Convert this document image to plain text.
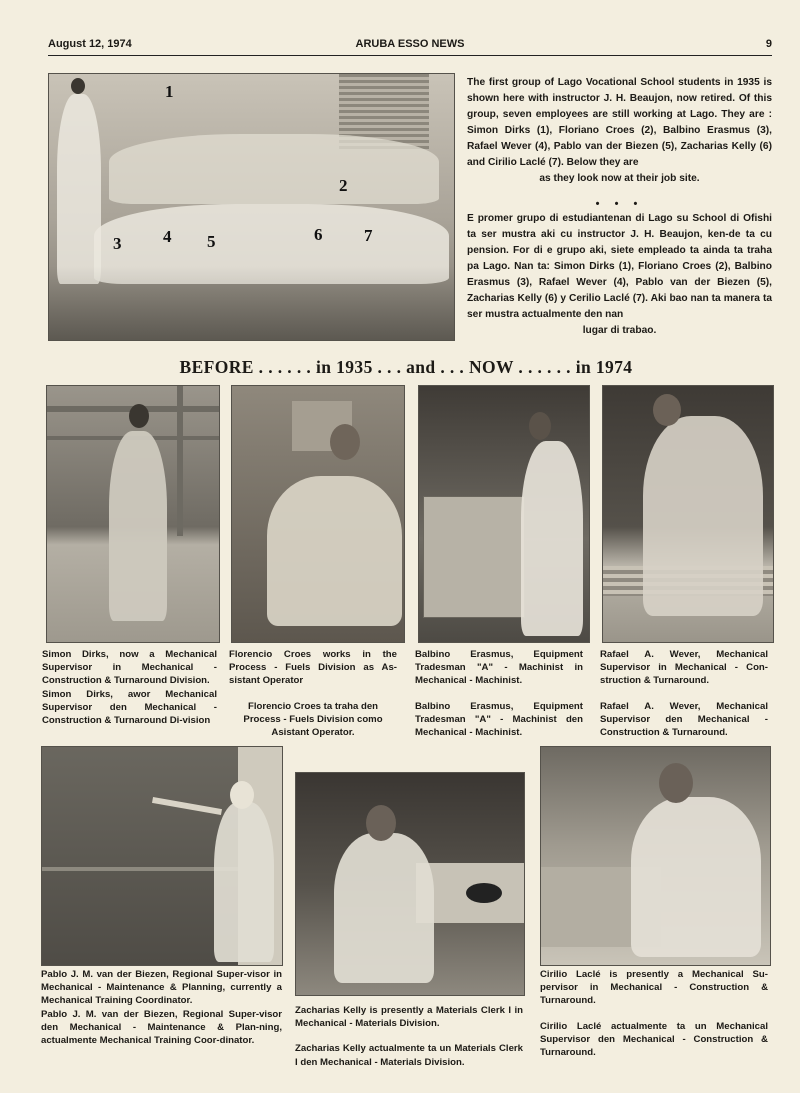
August 12, 1974	ARUBA ESSO NEWS	9
1
2
3 4 5	6 7

The first group of Lago Vocational School students in 1935 is shown here with instructor J. H. Beaujon, now retired. Of this group, seven employees are still working at Lago. They are : Simon Dirks (1), Floriano Croes (2), Balbino Erasmus (3), Rafael Wever (4), Pablo van der Biezen (5), Zacharias Kelly (6) and Cirilio Laclé (7). Below they are

as they look now at their job site.

• • •

E promer grupo di estudiantenan di Lago su School di Ofishi ta ser mustra aki cu instructor J. H. Beaujon, ken-de ta cu pension. For di e grupo aki, siete empleado ta ainda ta traha pa Lago. Nan ta: Simon Dirks (1), Floriano Croes (2), Balbino Erasmus (3), Rafael Wever (4), Pablo van der Biezen (5), Zacharias Kelly (6) y Cerilio Laclé (7). Aki bao nan ta manera ta ser mustra actualmente den nan

lugar di trabao.

BEFORE . . . . . . in 1935 . . . and . . . NOW . . . . . . in 1974

Simon Dirks, now a Mechanical Supervisor in Mechanical - Construction & Turnaround Division.

Simon Dirks, awor Mechanical Supervisor den Mechanical - Construction & Turnaround Di-vision

Florencio Croes works in the Process - Fuels Division as As-sistant Operator

Florencio Croes ta traha den Process - Fuels Division como Asistant Operator.

Balbino Erasmus, Equipment Tradesman "A" - Machinist in Mechanical - Machinist.

Balbino Erasmus, Equipment Tradesman "A" - Machinist den Mechanical - Machinist.

Rafael A. Wever, Mechanical Supervisor in Mechanical - Con-struction & Turnaround.

Rafael A. Wever, Mechanical Supervisor den Mechanical - Construction & Turnaround.

Pablo J. M. van der Biezen, Regional Super-visor in Mechanical - Maintenance & Planning, currently a Mechanical Training Coordinator.

Pablo J. M. van der Biezen, Regional Super-visor den Mechanical - Maintenance & Plan-ning, actualmente Mechanical Training Coor-dinator.

Zacharias Kelly is presently a Materials Clerk I in Mechanical - Materials Division.

Zacharias Kelly actualmente ta un Materials Clerk I den Mechanical - Materials Division.

Cirilio Laclé is presently a Mechanical Su-pervisor in Mechanical - Construction & Turnaround.

Cirilio Laclé actualmente ta un Mechanical Supervisor den Mechanical - Construction & Turnaround.
